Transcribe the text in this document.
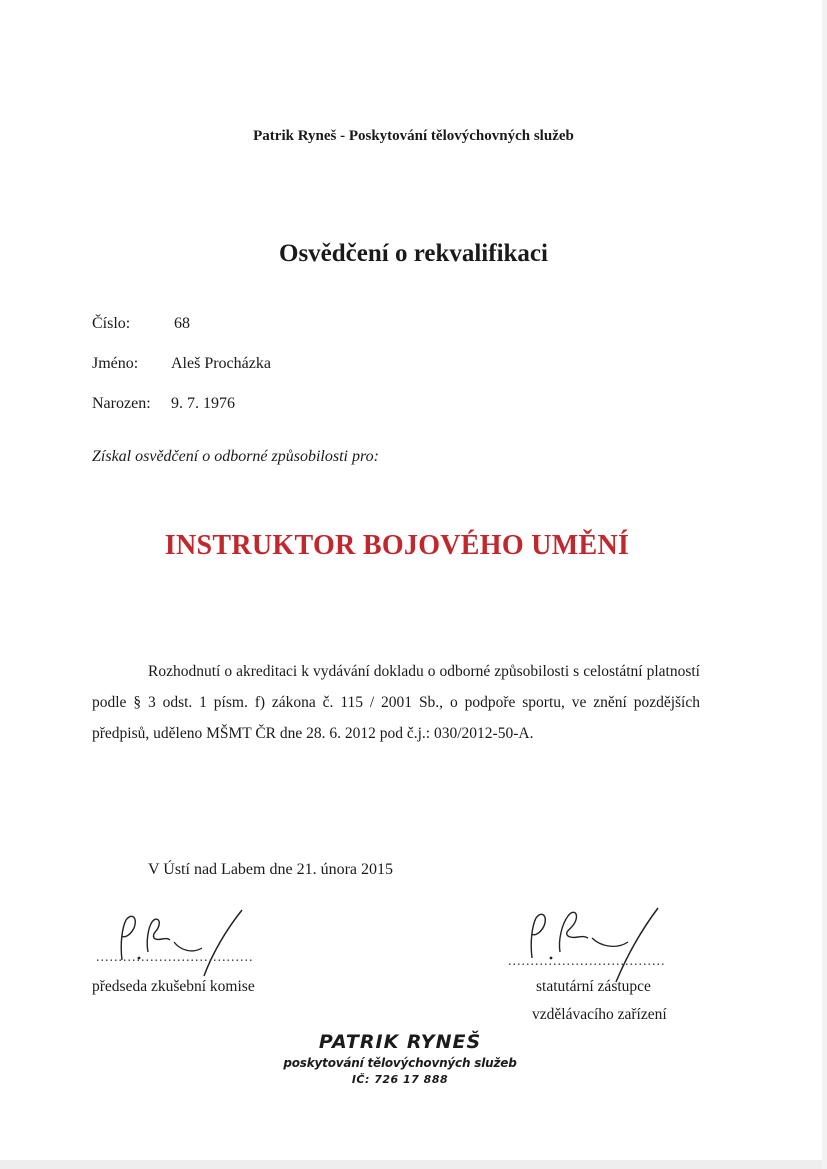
Patrik Ryneš - Poskytování tělovýchovných služeb
Osvědčení o rekvalifikaci
Číslo:	68
Jméno: Aleš Procházka
Narozen: 9. 7. 1976
Získal osvědčení o odborné způsobilosti pro:
INSTRUKTOR BOJOVÉHO UMĚNÍ

Rozhodnutí o akreditaci k vydávání dokladu o odborné způsobilosti s celostátní platností podle § 3 odst. 1 písm. f) zákona č. 115 / 2001 Sb., o podpoře sportu, ve znění pozdějších předpisů, uděleno MŠMT ČR dne 28. 6. 2012 pod č.j.: 030/2012-50-A.

V Ústí nad Labem dne 21. února 2015
...................................
předseda zkušební komise
...................................
statutární zástupce
vzdělávacího zařízení
PATRIK RYNEŠ
poskytování tělovýchovných služeb
IČ: 726 17 888
